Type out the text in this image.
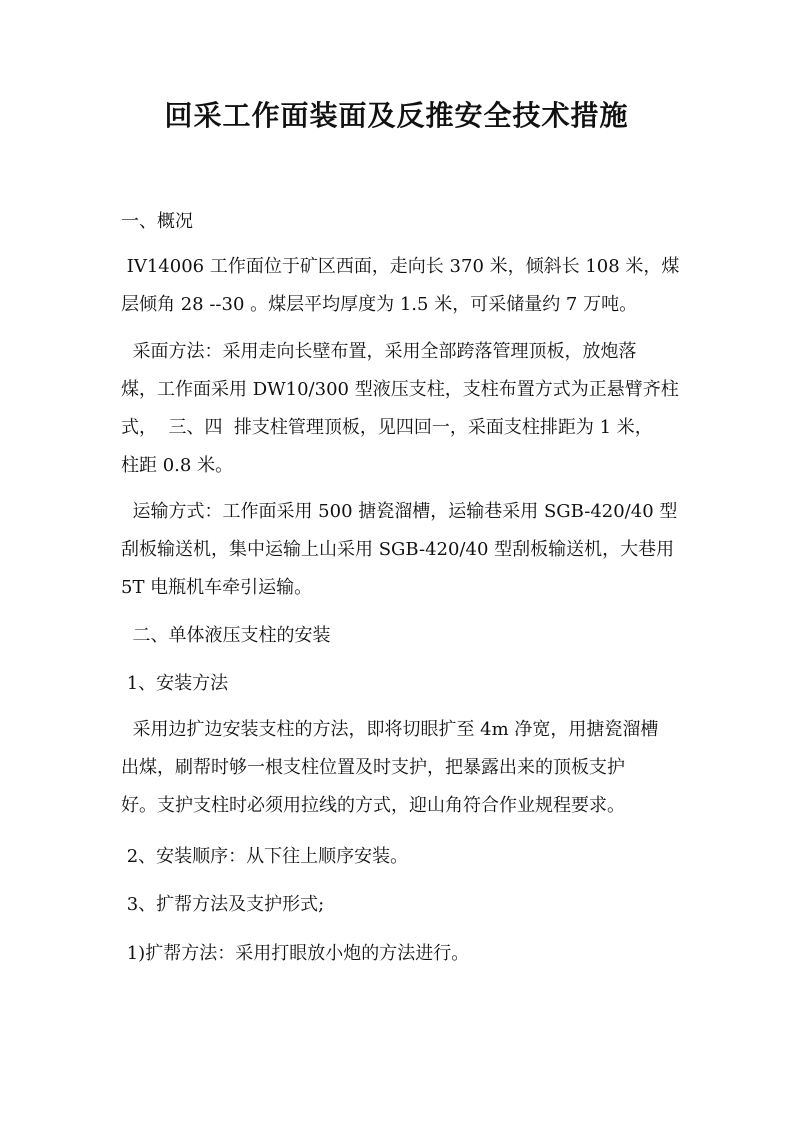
回采工作面装面及反推安全技术措施

一、概况

IV14006 工作面位于矿区西面，走向长 370 米，倾斜长 108 米，煤
层倾角 28 --30 。煤层平均厚度为 1.5 米，可采储量约 7 万吨。

采面方法：采用走向长壁布置，采用全部跨落管理顶板，放炮落
煤，工作面采用 DW10/300 型液压支柱，支柱布置方式为正悬臂齐柱
式，  三、四  排支柱管理顶板，见四回一，采面支柱排距为 1 米，
柱距 0.8 米。

运输方式：工作面采用 500 搪瓷溜槽，运输巷采用 SGB-420/40 型
刮板输送机，集中运输上山采用 SGB-420/40 型刮板输送机，大巷用
5T 电瓶机车牵引运输。

二、单体液压支柱的安装

1、安装方法

采用边扩边安装支柱的方法，即将切眼扩至 4m 净宽，用搪瓷溜槽
出煤，刷帮时够一根支柱位置及时支护，把暴露出来的顶板支护
好。支护支柱时必须用拉线的方式，迎山角符合作业规程要求。

2、安装顺序：从下往上顺序安装。

3、扩帮方法及支护形式;

1)扩帮方法：采用打眼放小炮的方法进行。
